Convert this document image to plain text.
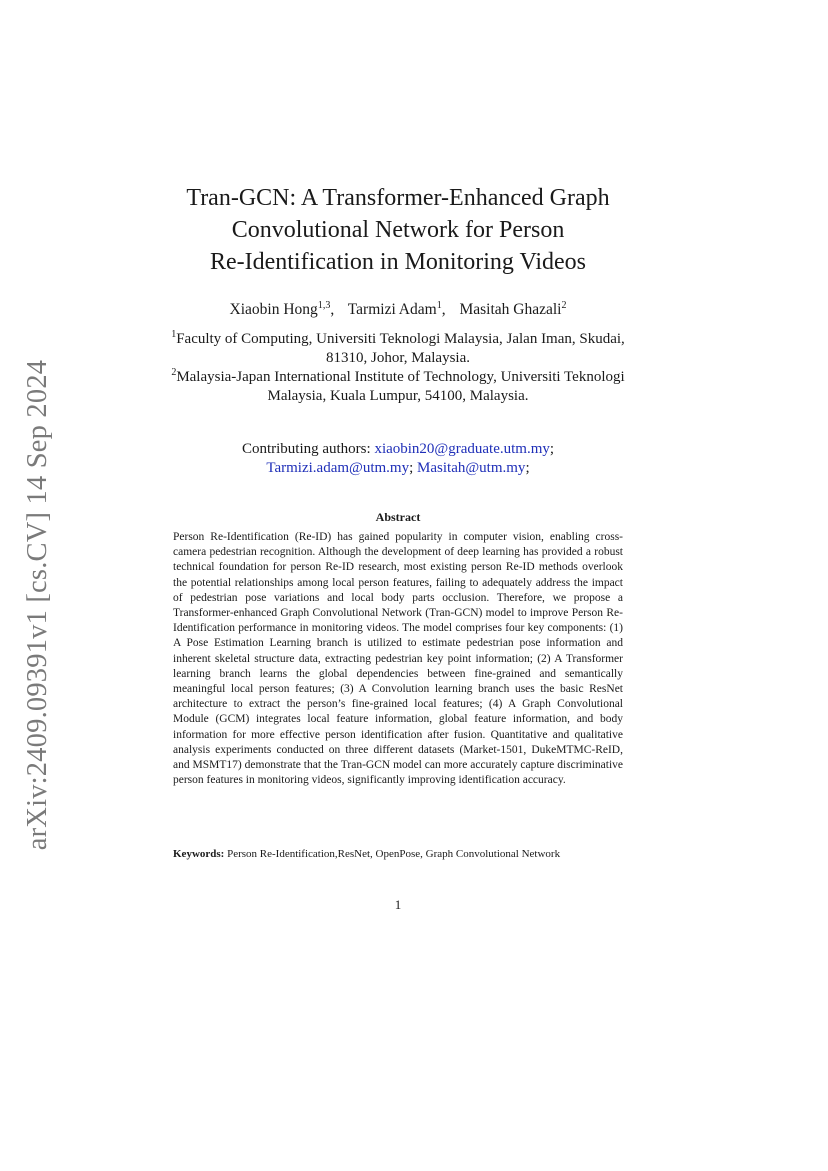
arXiv:2409.09391v1 [cs.CV] 14 Sep 2024
Tran-GCN: A Transformer-Enhanced Graph
Convolutional Network for Person
Re-Identification in Monitoring Videos
Xiaobin Hong$^{1,3}$, Tarmizi Adam$^1$, Masitah Ghazali$^2$

$^1$Faculty of Computing, Universiti Teknologi Malaysia, Jalan Iman, Skudai, 81310, Johor, Malaysia.

$^2$Malaysia-Japan International Institute of Technology, Universiti Teknologi Malaysia, Kuala Lumpur, 54100, Malaysia.

Contributing authors: xiaobin20@graduate.utm.my;
Tarmizi.adam@utm.my; Masitah@utm.my;
Abstract

Person Re-Identification (Re-ID) has gained popularity in computer vision, enabling cross-camera pedestrian recognition. Although the development of deep learning has provided a robust technical foundation for person Re-ID research, most existing person Re-ID methods overlook the potential relationships among local person features, failing to adequately address the impact of pedestrian pose variations and local body parts occlusion. Therefore, we propose a Transformer-enhanced Graph Convolutional Network (Tran-GCN) model to improve Person Re-Identification performance in monitoring videos. The model comprises four key components: (1) A Pose Estimation Learning branch is utilized to estimate pedestrian pose information and inherent skeletal structure data, extracting pedestrian key point information; (2) A Transformer learning branch learns the global dependencies between fine-grained and semantically meaningful local person features; (3) A Convolution learning branch uses the basic ResNet architecture to extract the person’s fine-grained local features; (4) A Graph Convolutional Module (GCM) integrates local feature information, global feature information, and body information for more effective person identification after fusion. Quantitative and qualitative analysis experiments conducted on three different datasets (Market-1501, DukeMTMC-ReID, and MSMT17) demonstrate that the Tran-GCN model can more accurately capture discriminative person features in monitoring videos, significantly improving identification accuracy.

Keywords: Person Re-Identification,ResNet, OpenPose, Graph Convolutional Network
1
